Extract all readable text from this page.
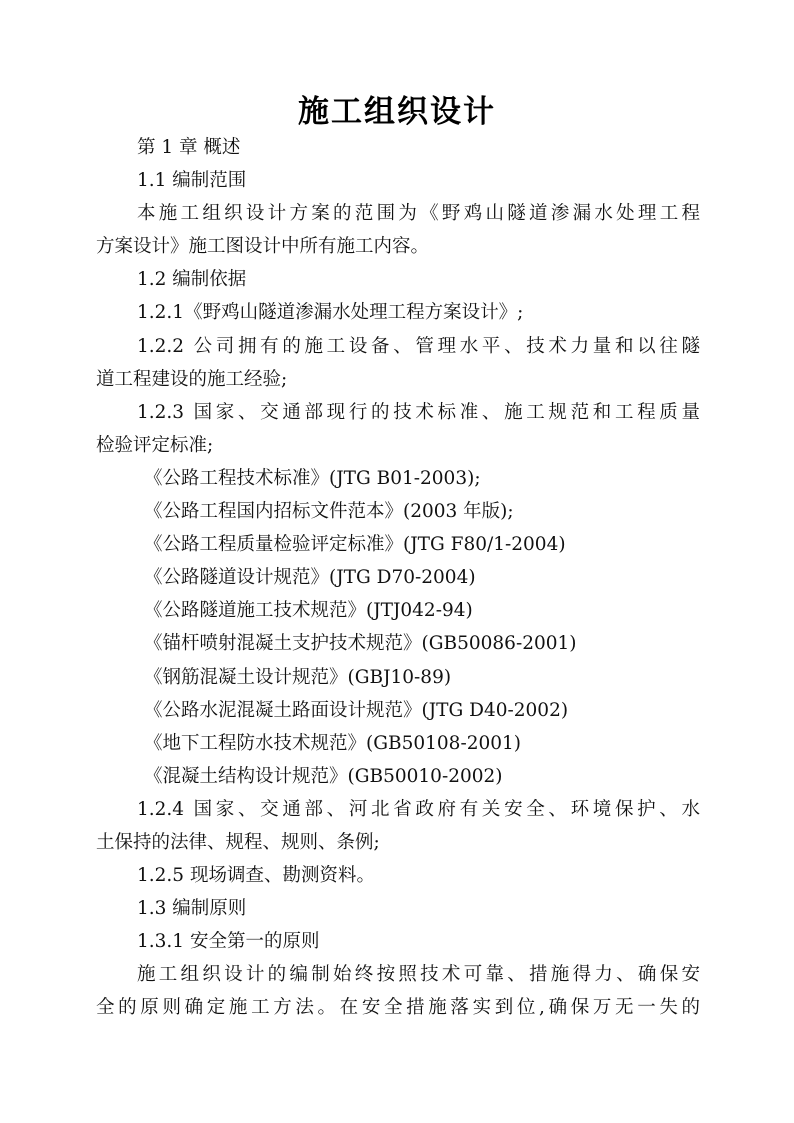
施工组织设计
第 1 章 概述
1.1 编制范围
本施工组织设计方案的范围为《野鸡山隧道渗漏水处理工程
方案设计》施工图设计中所有施工内容。
1.2 编制依据
1.2.1《野鸡山隧道渗漏水处理工程方案设计》;
1.2.2 公司拥有的施工设备、管理水平、技术力量和以往隧
道工程建设的施工经验;
1.2.3 国家、交通部现行的技术标准、施工规范和工程质量
检验评定标准;
《公路工程技术标准》(JTG B01-2003);
《公路工程国内招标文件范本》(2003 年版);
《公路工程质量检验评定标准》(JTG F80/1-2004)
《公路隧道设计规范》(JTG D70-2004)
《公路隧道施工技术规范》(JTJ042-94)
《锚杆喷射混凝土支护技术规范》(GB50086-2001)
《钢筋混凝土设计规范》(GBJ10-89)
《公路水泥混凝土路面设计规范》(JTG D40-2002)
《地下工程防水技术规范》(GB50108-2001)
《混凝土结构设计规范》(GB50010-2002)
1.2.4 国家、交通部、河北省政府有关安全、环境保护、水
土保持的法律、规程、规则、条例;
1.2.5 现场调查、勘测资料。
1.3 编制原则
1.3.1 安全第一的原则
施工组织设计的编制始终按照技术可靠、措施得力、确保安
全的原则确定施工方法。在安全措施落实到位,确保万无一失的
